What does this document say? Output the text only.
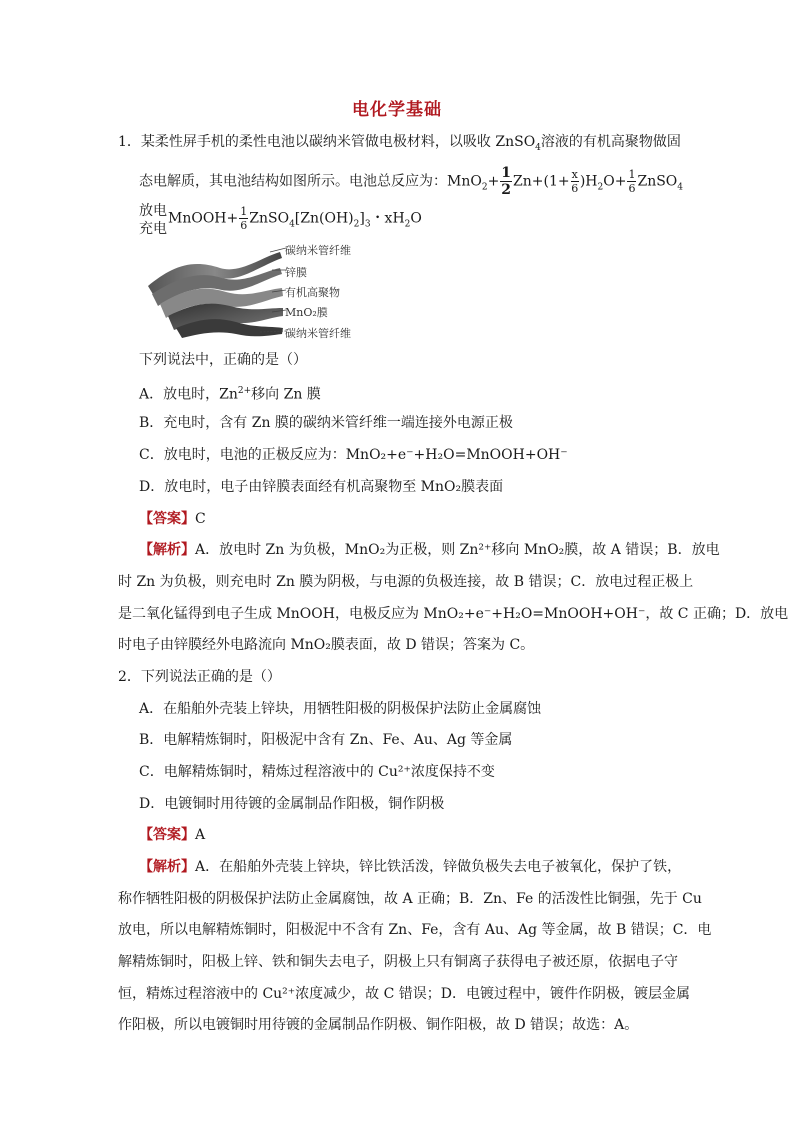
电化学基础
1．某柔性屏手机的柔性电池以碳纳米管做电极材料，以吸收 ZnSO$_4$溶液的有机高聚物做固
态电解质，其电池结构如图所示。电池总反应为：$MnO_2+ \frac{1}{2} Zn+(1+ \frac{x}{6} )H_2O+ \frac{1}{6}$ ZnSO$_4$
放电
充电
MnOOH+ $\frac{1}{6}$ $ZnSO_4[Zn(OH)_2]_3$・$xH_2O$
碳纳米管纤维
锌膜
有机高聚物
MnO₂膜
碳纳米管纤维
下列说法中，正确的是（）
A．放电时，$Zn^{2+}$移向 Zn 膜
B．充电时，含有 Zn 膜的碳纳米管纤维一端连接外电源正极
C．放电时，电池的正极反应为：MnO₂+e⁻+H₂O=MnOOH+OH⁻
D．放电时，电子由锌膜表面经有机高聚物至 MnO₂膜表面
【答案】C
【解析】A．放电时 Zn 为负极，MnO₂为正极，则 Zn²⁺移向 MnO₂膜，故 A 错误；B．放电
时 Zn 为负极，则充电时 Zn 膜为阴极，与电源的负极连接，故 B 错误；C．放电过程正极上
是二氧化锰得到电子生成 MnOOH，电极反应为 MnO₂+e⁻+H₂O=MnOOH+OH⁻，故 C 正确；D．放电
时电子由锌膜经外电路流向 MnO₂膜表面，故 D 错误；答案为 C。
2．下列说法正确的是（）
A．在船舶外壳装上锌块，用牺牲阳极的阴极保护法防止金属腐蚀
B．电解精炼铜时，阳极泥中含有 Zn、Fe、Au、Ag 等金属
C．电解精炼铜时，精炼过程溶液中的 Cu²⁺浓度保持不变
D．电镀铜时用待镀的金属制品作阳极，铜作阴极
【答案】A
【解析】A．在船舶外壳装上锌块，锌比铁活泼，锌做负极失去电子被氧化，保护了铁，
称作牺牲阳极的阴极保护法防止金属腐蚀，故 A 正确；B．Zn、Fe 的活泼性比铜强，先于 Cu
放电，所以电解精炼铜时，阳极泥中不含有 Zn、Fe，含有 Au、Ag 等金属，故 B 错误；C．电
解精炼铜时，阳极上锌、铁和铜失去电子，阴极上只有铜离子获得电子被还原，依据电子守
恒，精炼过程溶液中的 Cu²⁺浓度减少，故 C 错误；D．电镀过程中，镀件作阴极，镀层金属
作阳极，所以电镀铜时用待镀的金属制品作阴极、铜作阳极，故 D 错误；故选：A。
